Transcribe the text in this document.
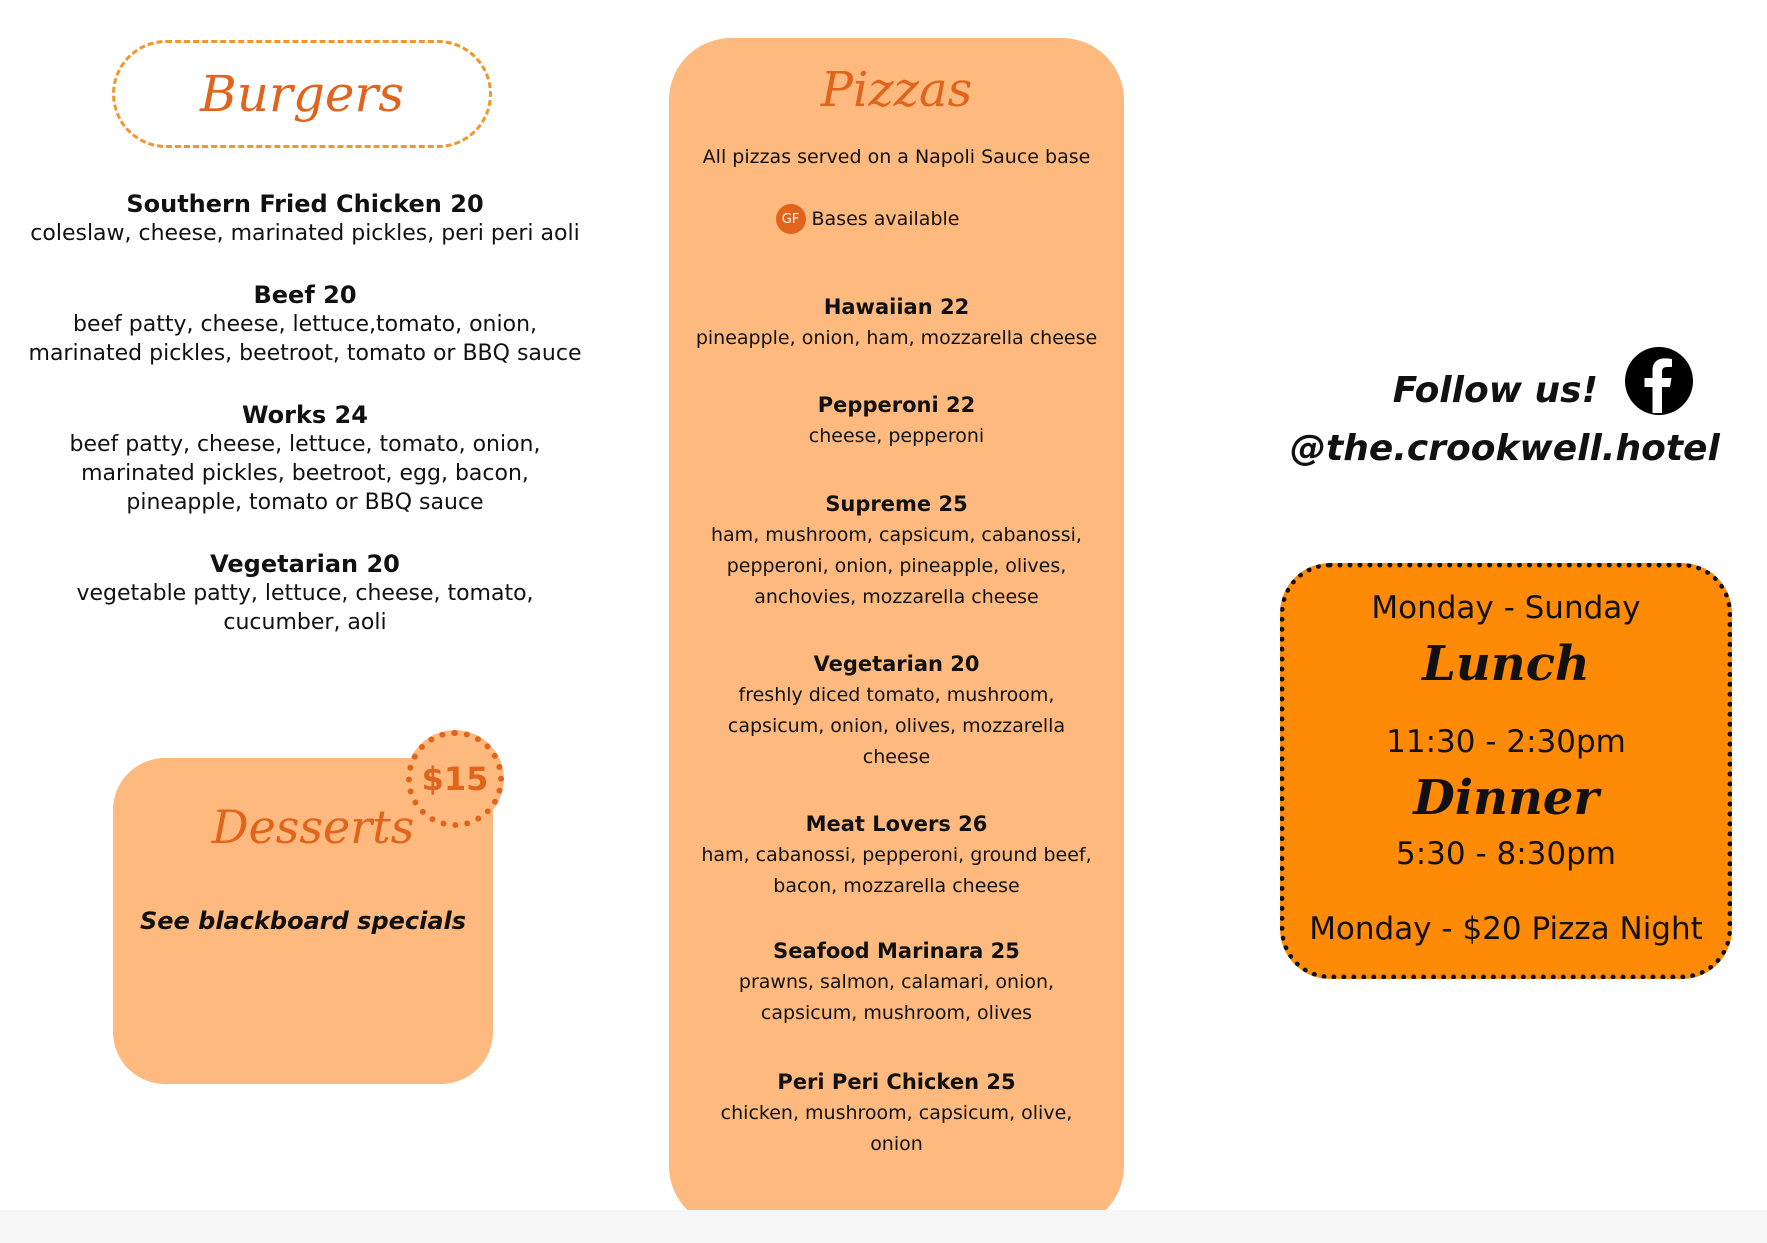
Burgers
Southern Fried Chicken 20
coleslaw, cheese, marinated pickles, peri peri aoli
Beef 20
beef patty, cheese, lettuce,tomato, onion, marinated pickles, beetroot, tomato or BBQ sauce
Works 24
beef patty, cheese, lettuce, tomato, onion, marinated pickles, beetroot, egg, bacon, pineapple, tomato or BBQ sauce
Vegetarian 20
vegetable patty, lettuce, cheese, tomato, cucumber, aoli
Desserts
See blackboard specials
$15
Pizzas
All pizzas served on a Napoli Sauce base
GF Bases available
Hawaiian 22
pineapple, onion, ham, mozzarella cheese
Pepperoni 22
cheese, pepperoni
Supreme 25
ham, mushroom, capsicum, cabanossi, pepperoni, onion, pineapple, olives, anchovies, mozzarella cheese
Vegetarian 20
freshly diced tomato, mushroom, capsicum, onion, olives, mozzarella cheese
Meat Lovers 26
ham, cabanossi, pepperoni, ground beef, bacon, mozzarella cheese
Seafood Marinara 25
prawns, salmon, calamari, onion, capsicum, mushroom, olives
Peri Peri Chicken 25
chicken, mushroom, capsicum, olive, onion
Follow us!
@the.crookwell.hotel
Monday - Sunday
Lunch
11:30 - 2:30pm
Dinner
5:30 - 8:30pm
Monday - $20 Pizza Night
